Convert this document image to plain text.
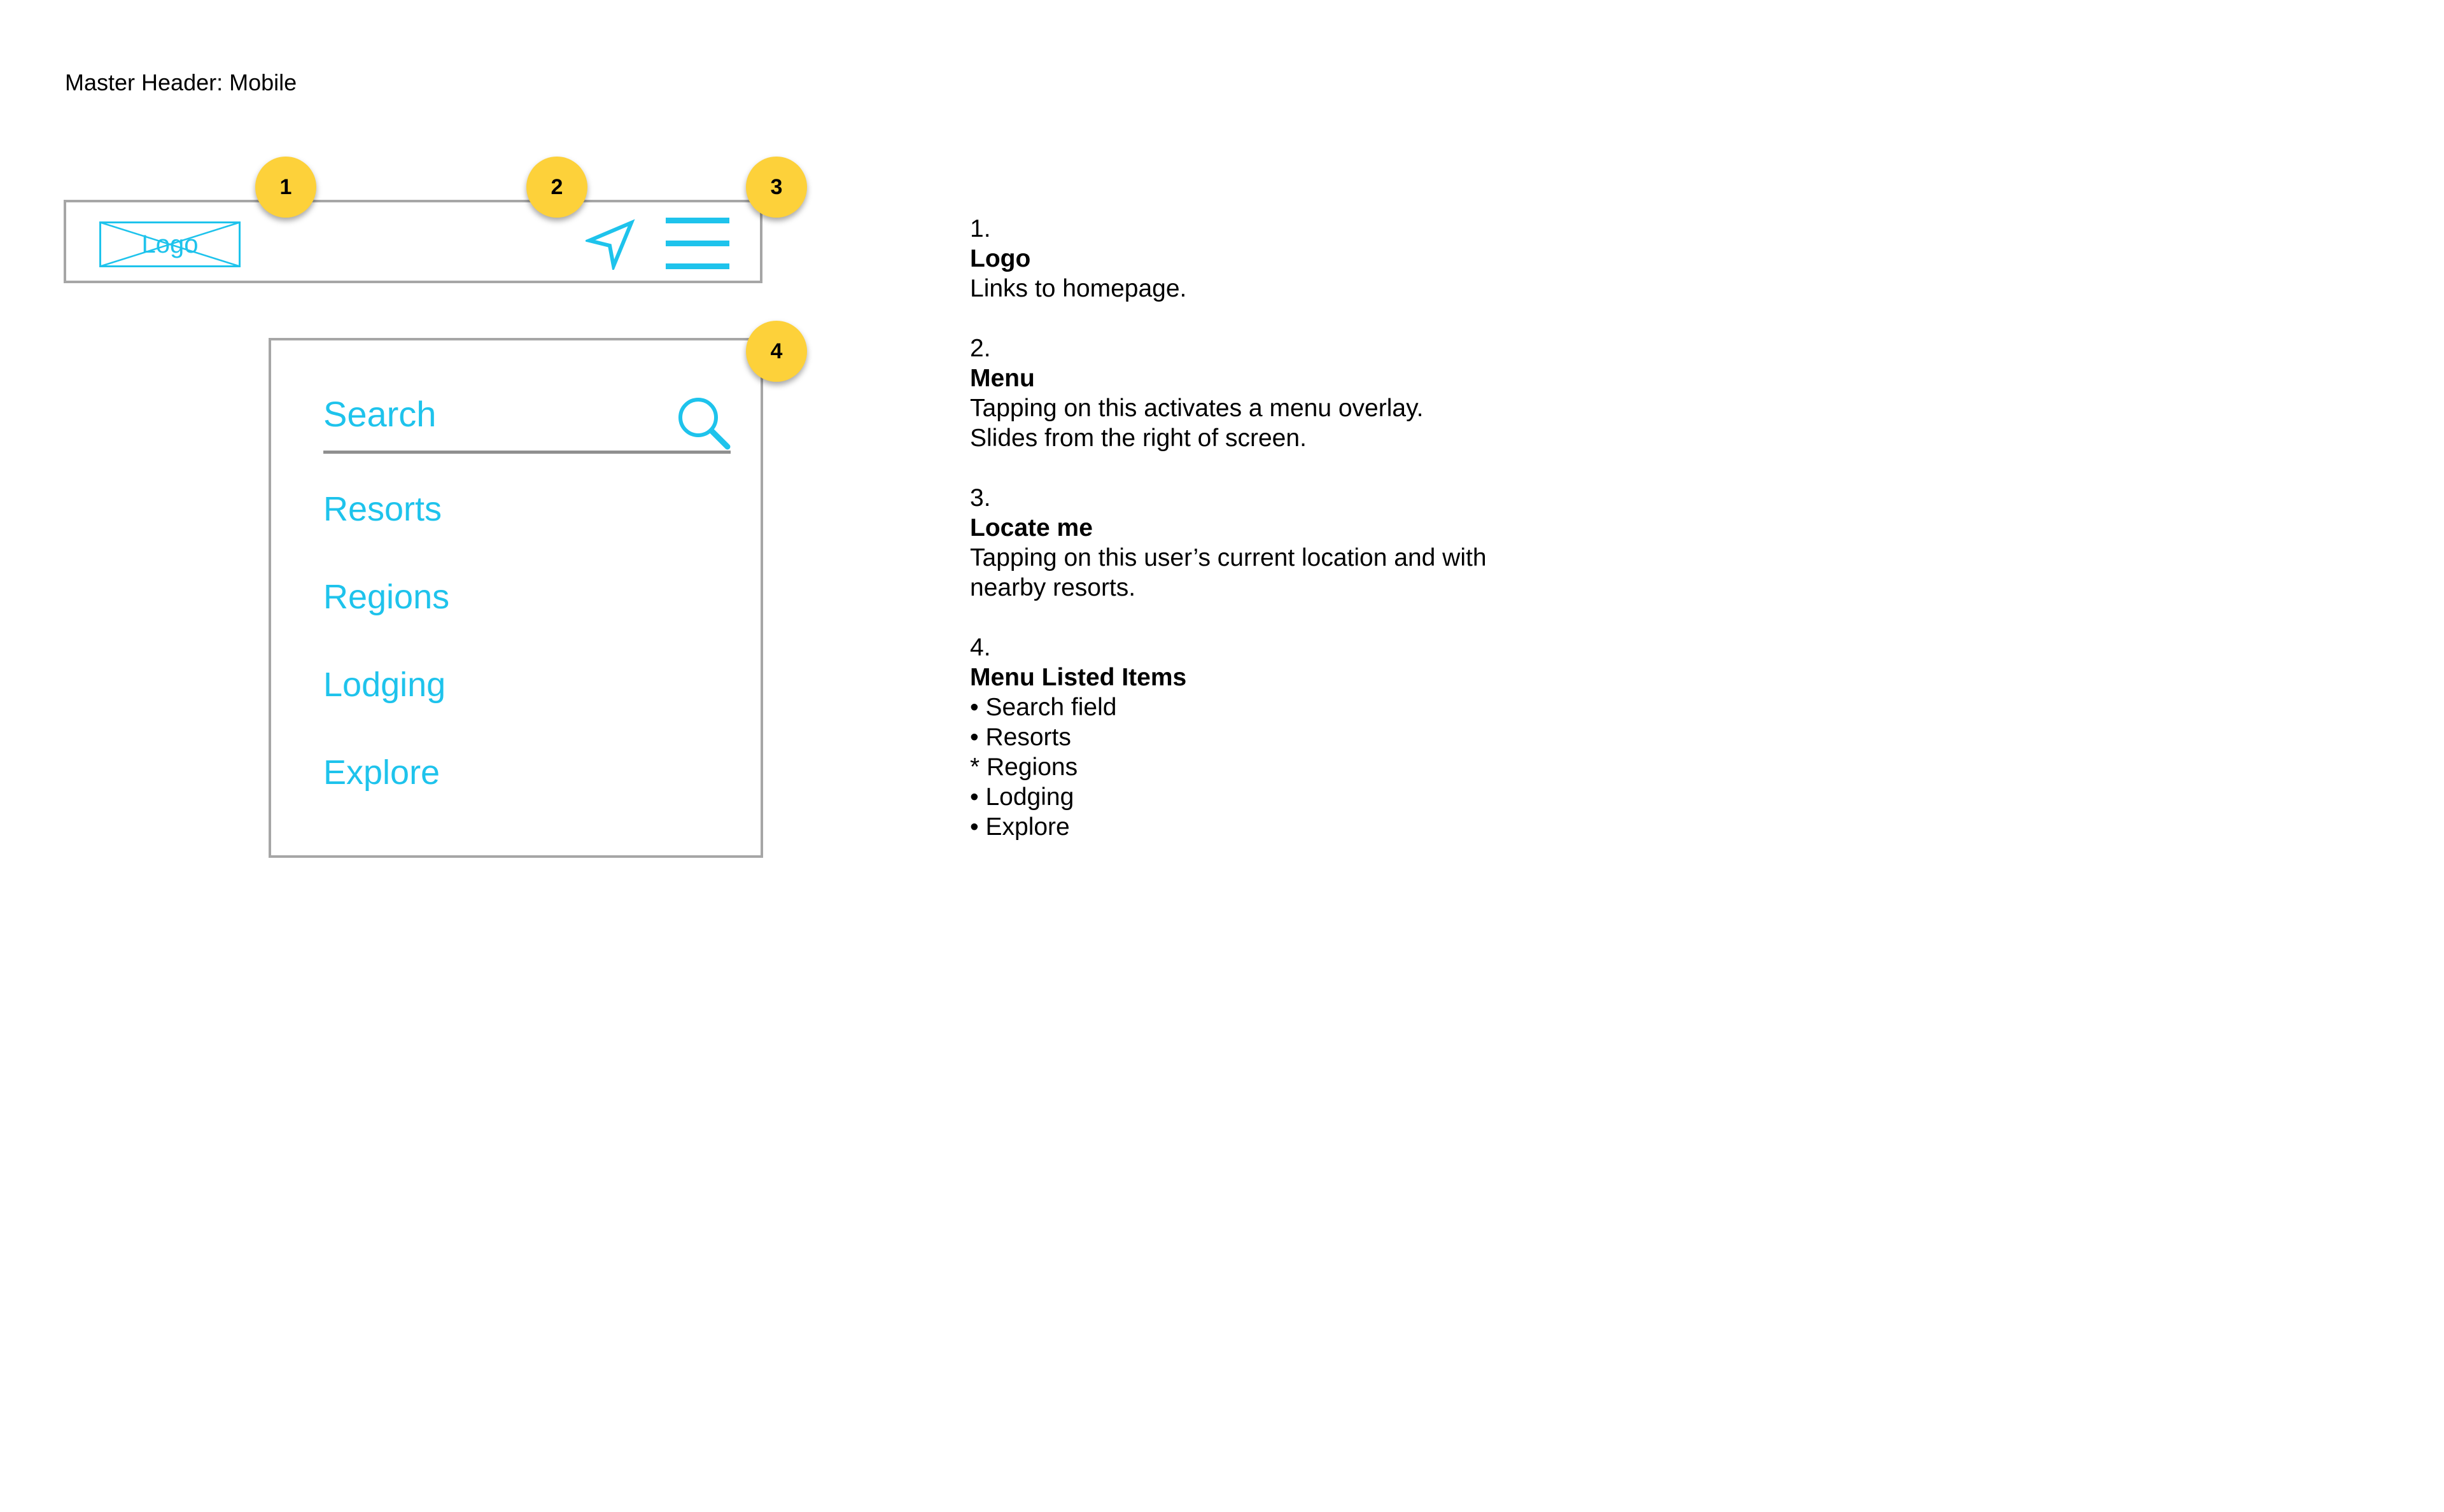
Master Header: Mobile
Logo
Search
Resorts
Regions
Lodging
Explore
1	2	3
4
1.
Logo
Links to homepage.
2.
Menu
Tapping on this activates a menu overlay.
Slides from the right of screen.
3.
Locate me
Tapping on this user’s current location and with
nearby resorts.
4.
Menu Listed Items
• Search field
• Resorts
* Regions
• Lodging
• Explore
